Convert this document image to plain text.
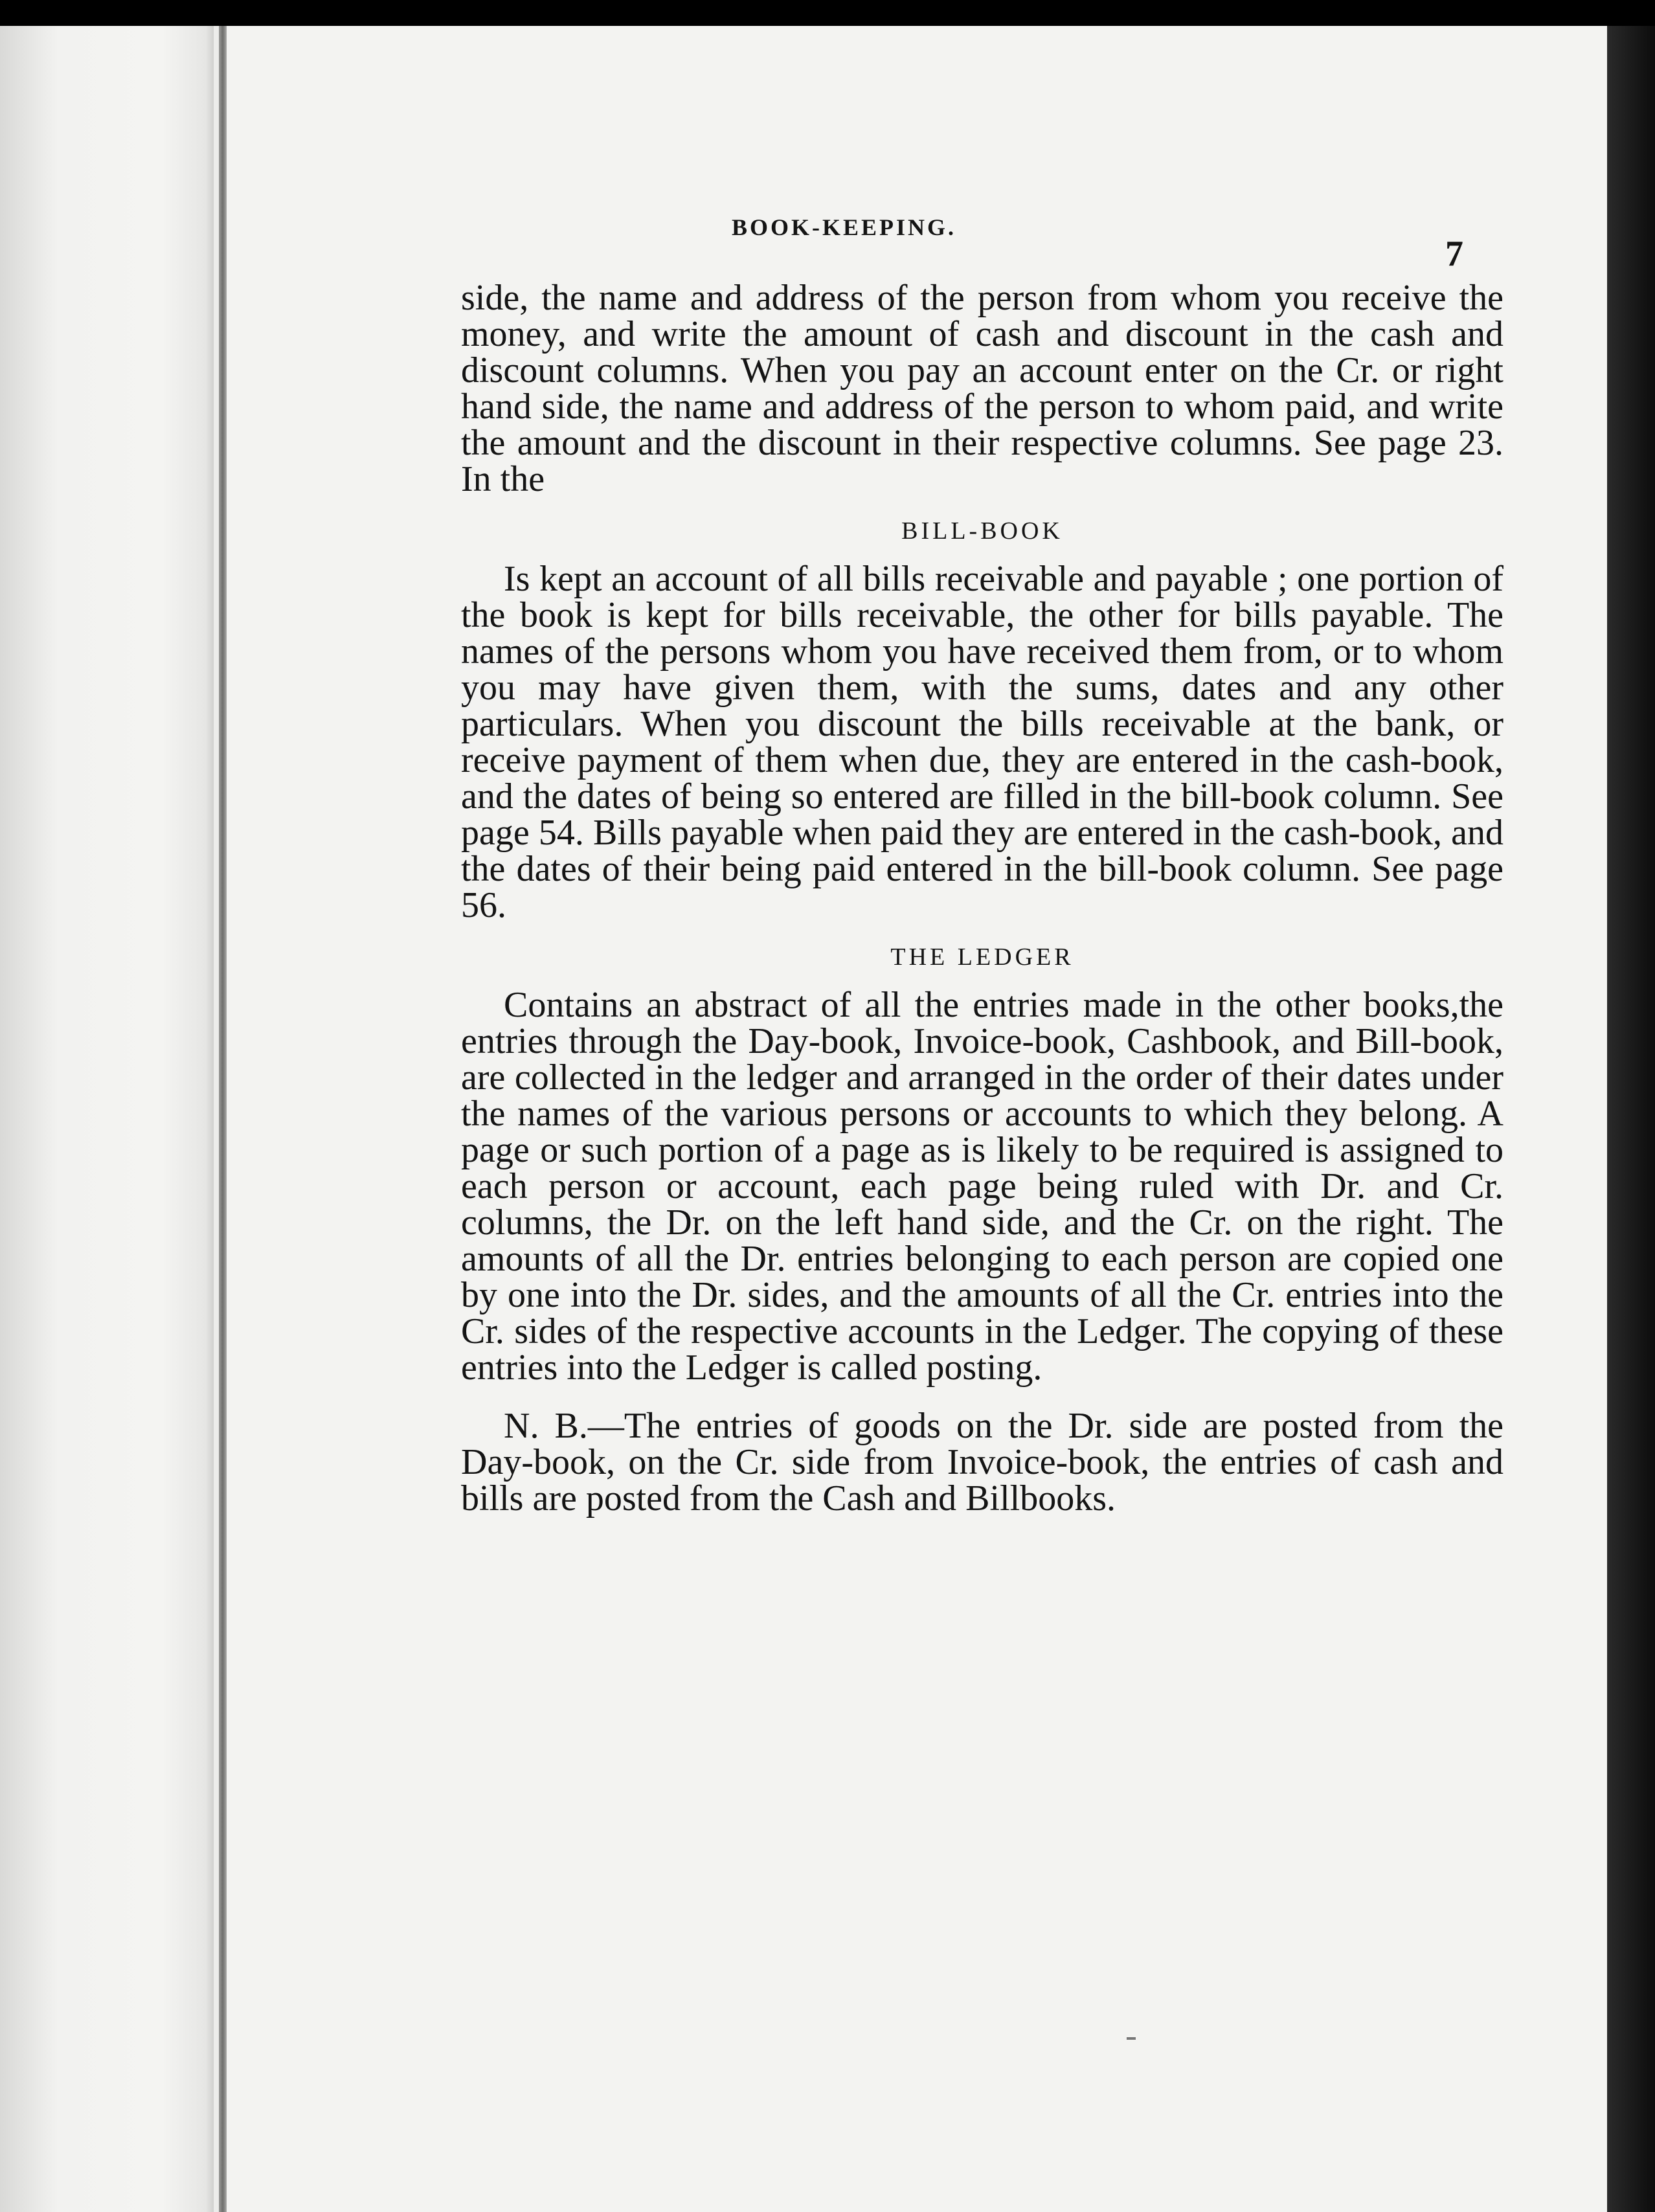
BOOK-KEEPING.
7

side, the name and address of the person from whom you receive the money, and write the amount of cash and discount in the cash and discount columns. When you pay an account enter on the Cr. or right hand side, the name and address of the person to whom paid, and write the amount and the discount in their respective columns. See page 23. In the

BILL-BOOK

Is kept an account of all bills receivable and payable ; one portion of the book is kept for bills receivable, the other for bills payable. The names of the persons whom you have received them from, or to whom you may have given them, with the sums, dates and any other particulars. When you discount the bills receivable at the bank, or receive payment of them when due, they are entered in the cash-book, and the dates of being so entered are filled in the bill-book column. See page 54. Bills payable when paid they are entered in the cash-book, and the dates of their being paid entered in the bill-book column. See page 56.

THE LEDGER

Contains an abstract of all the entries made in the other books,the entries through the Day-book, Invoice-book, Cashbook, and Bill-book, are collected in the ledger and arranged in the order of their dates under the names of the various persons or accounts to which they belong. A page or such portion of a page as is likely to be required is assigned to each person or account, each page being ruled with Dr. and Cr. columns, the Dr. on the left hand side, and the Cr. on the right. The amounts of all the Dr. entries belonging to each person are copied one by one into the Dr. sides, and the amounts of all the Cr. entries into the Cr. sides of the respective accounts in the Ledger. The copying of these entries into the Ledger is called posting.

N. B.—The entries of goods on the Dr. side are posted from the Day-book, on the Cr. side from Invoice-book, the entries of cash and bills are posted from the Cash and Billbooks.
